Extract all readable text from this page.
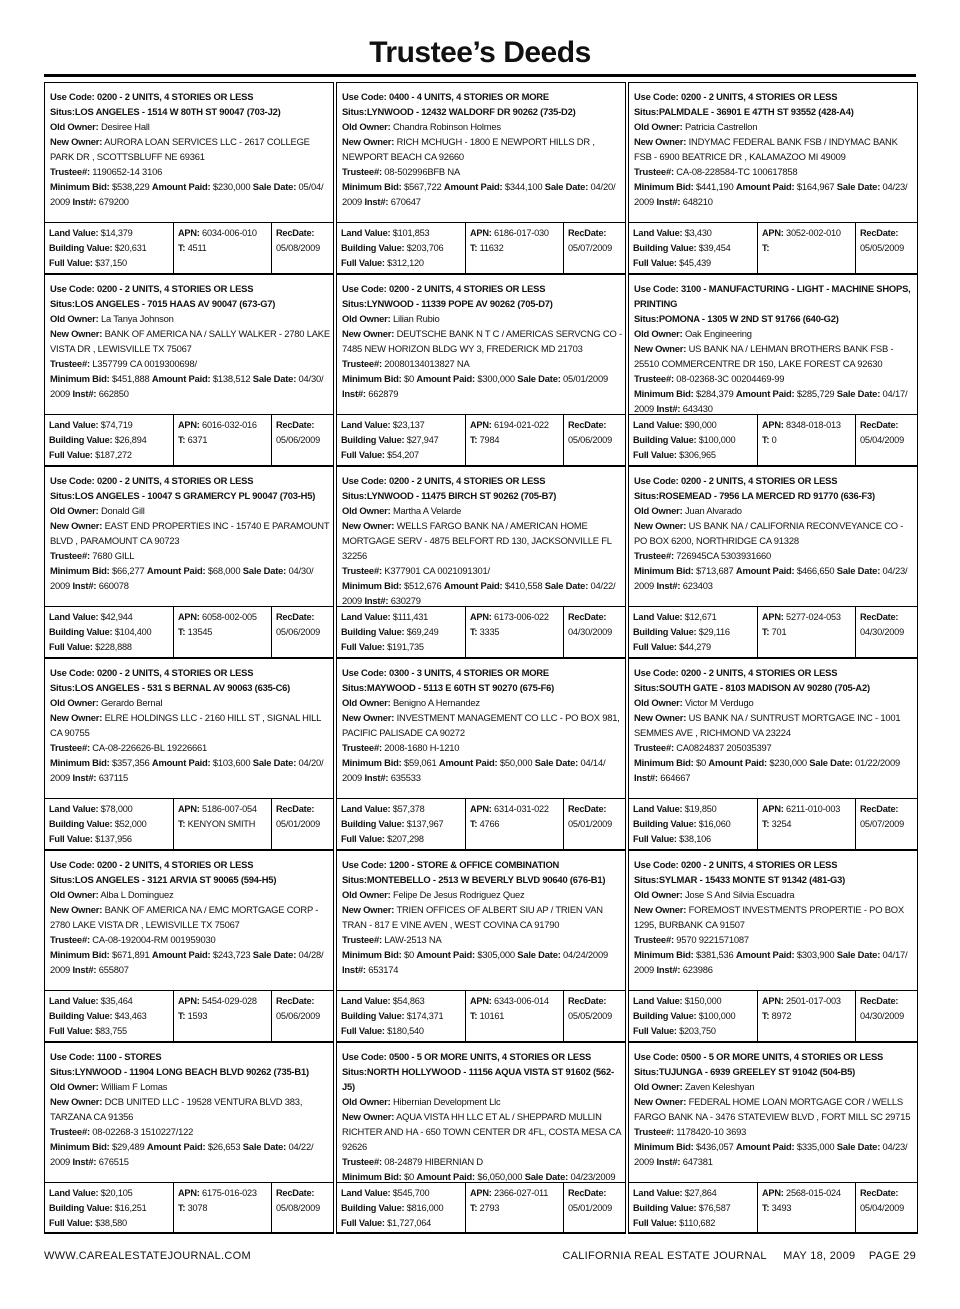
Trustee’s Deeds
Use Code: 0200 - 2 UNITS, 4 STORIES OR LESS
Situs:LOS ANGELES - 1514 W 80TH ST 90047 (703-J2)
Old Owner: Desiree Hall
New Owner: AURORA LOAN SERVICES LLC - 2617 COLLEGE PARK DR , SCOTTSBLUFF NE 69361
Trustee#: 1190652-14 3106
Minimum Bid: $538,229 Amount Paid: $230,000 Sale Date: 05/04/ 2009 Inst#: 679200
Land Value: $14,379
Building Value: $20,631
Full Value: $37,150
APN: 6034-006-010
T: 4511
RecDate:
05/08/2009
Use Code: 0200 - 2 UNITS, 4 STORIES OR LESS
Situs:LOS ANGELES - 7015 HAAS AV 90047 (673-G7)
Old Owner: La Tanya Johnson
New Owner: BANK OF AMERICA NA / SALLY WALKER - 2780 LAKE VISTA DR , LEWISVILLE TX 75067
Trustee#: L357799 CA 0019300698/
Minimum Bid: $451,888 Amount Paid: $138,512 Sale Date: 04/30/ 2009 Inst#: 662850
Land Value: $74,719
Building Value: $26,894
Full Value: $187,272
APN: 6016-032-016
T: 6371
RecDate:
05/06/2009
Use Code: 0200 - 2 UNITS, 4 STORIES OR LESS
Situs:LOS ANGELES - 10047 S GRAMERCY PL 90047 (703-H5)
Old Owner: Donald Gill
New Owner: EAST END PROPERTIES INC - 15740 E PARAMOUNT BLVD , PARAMOUNT CA 90723
Trustee#: 7680 GILL
Minimum Bid: $66,277 Amount Paid: $68,000 Sale Date: 04/30/ 2009 Inst#: 660078
Land Value: $42,944
Building Value: $104,400
Full Value: $228,888
APN: 6058-002-005
T: 13545
RecDate:
05/06/2009
Use Code: 0200 - 2 UNITS, 4 STORIES OR LESS
Situs:LOS ANGELES - 531 S BERNAL AV 90063 (635-C6)
Old Owner: Gerardo Bernal
New Owner: ELRE HOLDINGS LLC - 2160 HILL ST , SIGNAL HILL CA 90755
Trustee#: CA-08-226626-BL 19226661
Minimum Bid: $357,356 Amount Paid: $103,600 Sale Date: 04/20/ 2009 Inst#: 637115
Land Value: $78,000
Building Value: $52,000
Full Value: $137,956
APN: 5186-007-054
T: KENYON SMITH
RecDate:
05/01/2009
Use Code: 0200 - 2 UNITS, 4 STORIES OR LESS
Situs:LOS ANGELES - 3121 ARVIA ST 90065 (594-H5)
Old Owner: Alba L Dominguez
New Owner: BANK OF AMERICA NA / EMC MORTGAGE CORP - 2780 LAKE VISTA DR , LEWISVILLE TX 75067
Trustee#: CA-08-192004-RM 001959030
Minimum Bid: $671,891 Amount Paid: $243,723 Sale Date: 04/28/ 2009 Inst#: 655807
Land Value: $35,464
Building Value: $43,463
Full Value: $83,755
APN: 5454-029-028
T: 1593
RecDate:
05/06/2009
Use Code: 1100 - STORES
Situs:LYNWOOD - 11904 LONG BEACH BLVD 90262 (735-B1)
Old Owner: William F Lomas
New Owner: DCB UNITED LLC - 19528 VENTURA BLVD 383, TARZANA CA 91356
Trustee#: 08-02268-3 1510227/122
Minimum Bid: $29,489 Amount Paid: $26,653 Sale Date: 04/22/ 2009 Inst#: 676515
Land Value: $20,105
Building Value: $16,251
Full Value: $38,580
APN: 6175-016-023
T: 3078
RecDate:
05/08/2009
Use Code: 0400 - 4 UNITS, 4 STORIES OR MORE
Situs:LYNWOOD - 12432 WALDORF DR 90262 (735-D2)
Old Owner: Chandra Robinson Holmes
New Owner: RICH MCHUGH - 1800 E NEWPORT HILLS DR , NEWPORT BEACH CA 92660
Trustee#: 08-502996BFB NA
Minimum Bid: $567,722 Amount Paid: $344,100 Sale Date: 04/20/ 2009 Inst#: 670647
Land Value: $101,853
Building Value: $203,706
Full Value: $312,120
APN: 6186-017-030
T: 11632
RecDate:
05/07/2009
Use Code: 0200 - 2 UNITS, 4 STORIES OR LESS
Situs:LYNWOOD - 11339 POPE AV 90262 (705-D7)
Old Owner: Lilian Rubio
New Owner: DEUTSCHE BANK N T C / AMERICAS SERVCNG CO - 7485 NEW HORIZON BLDG WY 3, FREDERICK MD 21703
Trustee#: 20080134013827 NA
Minimum Bid: $0 Amount Paid: $300,000 Sale Date: 05/01/2009 Inst#: 662879
Land Value: $23,137
Building Value: $27,947
Full Value: $54,207
APN: 6194-021-022
T: 7984
RecDate:
05/06/2009
Use Code: 0200 - 2 UNITS, 4 STORIES OR LESS
Situs:LYNWOOD - 11475 BIRCH ST 90262 (705-B7)
Old Owner: Martha A Velarde
New Owner: WELLS FARGO BANK NA / AMERICAN HOME MORTGAGE SERV - 4875 BELFORT RD 130, JACKSONVILLE FL 32256
Trustee#: K377901 CA 0021091301/
Minimum Bid: $512,676 Amount Paid: $410,558 Sale Date: 04/22/ 2009 Inst#: 630279
Land Value: $111,431
Building Value: $69,249
Full Value: $191,735
APN: 6173-006-022
T: 3335
RecDate:
04/30/2009
Use Code: 0300 - 3 UNITS, 4 STORIES OR MORE
Situs:MAYWOOD - 5113 E 60TH ST 90270 (675-F6)
Old Owner: Benigno A Hernandez
New Owner: INVESTMENT MANAGEMENT CO LLC - PO BOX 981, PACIFIC PALISADE CA 90272
Trustee#: 2008-1680 H-1210
Minimum Bid: $59,061 Amount Paid: $50,000 Sale Date: 04/14/ 2009 Inst#: 635533
Land Value: $57,378
Building Value: $137,967
Full Value: $207,298
APN: 6314-031-022
T: 4766
RecDate:
05/01/2009
Use Code: 1200 - STORE & OFFICE COMBINATION
Situs:MONTEBELLO - 2513 W BEVERLY BLVD 90640 (676-B1)
Old Owner: Felipe De Jesus Rodriguez Quez
New Owner: TRIEN OFFICES OF ALBERT SIU AP / TRIEN VAN TRAN - 817 E VINE AVEN , WEST COVINA CA 91790
Trustee#: LAW-2513 NA
Minimum Bid: $0 Amount Paid: $305,000 Sale Date: 04/24/2009 Inst#: 653174
Land Value: $54,863
Building Value: $174,371
Full Value: $180,540
APN: 6343-006-014
T: 10161
RecDate:
05/05/2009
Use Code: 0500 - 5 OR MORE UNITS, 4 STORIES OR LESS
Situs:NORTH HOLLYWOOD - 11156 AQUA VISTA ST 91602 (562-J5)
Old Owner: Hibernian Development Llc
New Owner: AQUA VISTA HH LLC ET AL / SHEPPARD MULLIN RICHTER AND HA - 650 TOWN CENTER DR 4FL, COSTA MESA CA 92626
Trustee#: 08-24879 HIBERNIAN D
Minimum Bid: $0 Amount Paid: $6,050,000 Sale Date: 04/23/2009
Land Value: $545,700
Building Value: $816,000
Full Value: $1,727,064
APN: 2366-027-011
T: 2793
RecDate:
05/01/2009
Use Code: 0200 - 2 UNITS, 4 STORIES OR LESS
Situs:PALMDALE - 36901 E 47TH ST 93552 (428-A4)
Old Owner: Patricia Castrellon
New Owner: INDYMAC FEDERAL BANK FSB / INDYMAC BANK FSB - 6900 BEATRICE DR , KALAMAZOO MI 49009
Trustee#: CA-08-228584-TC 100617858
Minimum Bid: $441,190 Amount Paid: $164,967 Sale Date: 04/23/ 2009 Inst#: 648210
Land Value: $3,430
Building Value: $39,454
Full Value: $45,439
APN: 3052-002-010
T:
RecDate:
05/05/2009
Use Code: 3100 - MANUFACTURING - LIGHT - MACHINE SHOPS, PRINTING
Situs:POMONA - 1305 W 2ND ST 91766 (640-G2)
Old Owner: Oak Engineering
New Owner: US BANK NA / LEHMAN BROTHERS BANK FSB - 25510 COMMERCENTRE DR 150, LAKE FOREST CA 92630
Trustee#: 08-02368-3C 00204469-99
Minimum Bid: $284,379 Amount Paid: $285,729 Sale Date: 04/17/ 2009 Inst#: 643430
Land Value: $90,000
Building Value: $100,000
Full Value: $306,965
APN: 8348-018-013
T: 0
RecDate:
05/04/2009
Use Code: 0200 - 2 UNITS, 4 STORIES OR LESS
Situs:ROSEMEAD - 7956 LA MERCED RD 91770 (636-F3)
Old Owner: Juan Alvarado
New Owner: US BANK NA / CALIFORNIA RECONVEYANCE CO - PO BOX 6200, NORTHRIDGE CA 91328
Trustee#: 726945CA 5303931660
Minimum Bid: $713,687 Amount Paid: $466,650 Sale Date: 04/23/ 2009 Inst#: 623403
Land Value: $12,671
Building Value: $29,116
Full Value: $44,279
APN: 5277-024-053
T: 701
RecDate:
04/30/2009
Use Code: 0200 - 2 UNITS, 4 STORIES OR LESS
Situs:SOUTH GATE - 8103 MADISON AV 90280 (705-A2)
Old Owner: Victor M Verdugo
New Owner: US BANK NA / SUNTRUST MORTGAGE INC - 1001 SEMMES AVE , RICHMOND VA 23224
Trustee#: CA0824837 205035397
Minimum Bid: $0 Amount Paid: $230,000 Sale Date: 01/22/2009 Inst#: 664667
Land Value: $19,850
Building Value: $16,060
Full Value: $38,106
APN: 6211-010-003
T: 3254
RecDate:
05/07/2009
Use Code: 0200 - 2 UNITS, 4 STORIES OR LESS
Situs:SYLMAR - 15433 MONTE ST 91342 (481-G3)
Old Owner: Jose S And Silvia Escuadra
New Owner: FOREMOST INVESTMENTS PROPERTIE - PO BOX 1295, BURBANK CA 91507
Trustee#: 9570 9221571087
Minimum Bid: $381,536 Amount Paid: $303,900 Sale Date: 04/17/ 2009 Inst#: 623986
Land Value: $150,000
Building Value: $100,000
Full Value: $203,750
APN: 2501-017-003
T: 8972
RecDate:
04/30/2009
Use Code: 0500 - 5 OR MORE UNITS, 4 STORIES OR LESS
Situs:TUJUNGA - 6939 GREELEY ST 91042 (504-B5)
Old Owner: Zaven Keleshyan
New Owner: FEDERAL HOME LOAN MORTGAGE COR / WELLS FARGO BANK NA - 3476 STATEVIEW BLVD , FORT MILL SC 29715
Trustee#: 1178420-10 3693
Minimum Bid: $436,057 Amount Paid: $335,000 Sale Date: 04/23/ 2009 Inst#: 647381
Land Value: $27,864
Building Value: $76,587
Full Value: $110,682
APN: 2568-015-024
T: 3493
RecDate:
05/04/2009
WWW.CAREALESTATEJOURNAL.COM	CALIFORNIA REAL ESTATE JOURNAL     MAY 18, 2009    PAGE 29
